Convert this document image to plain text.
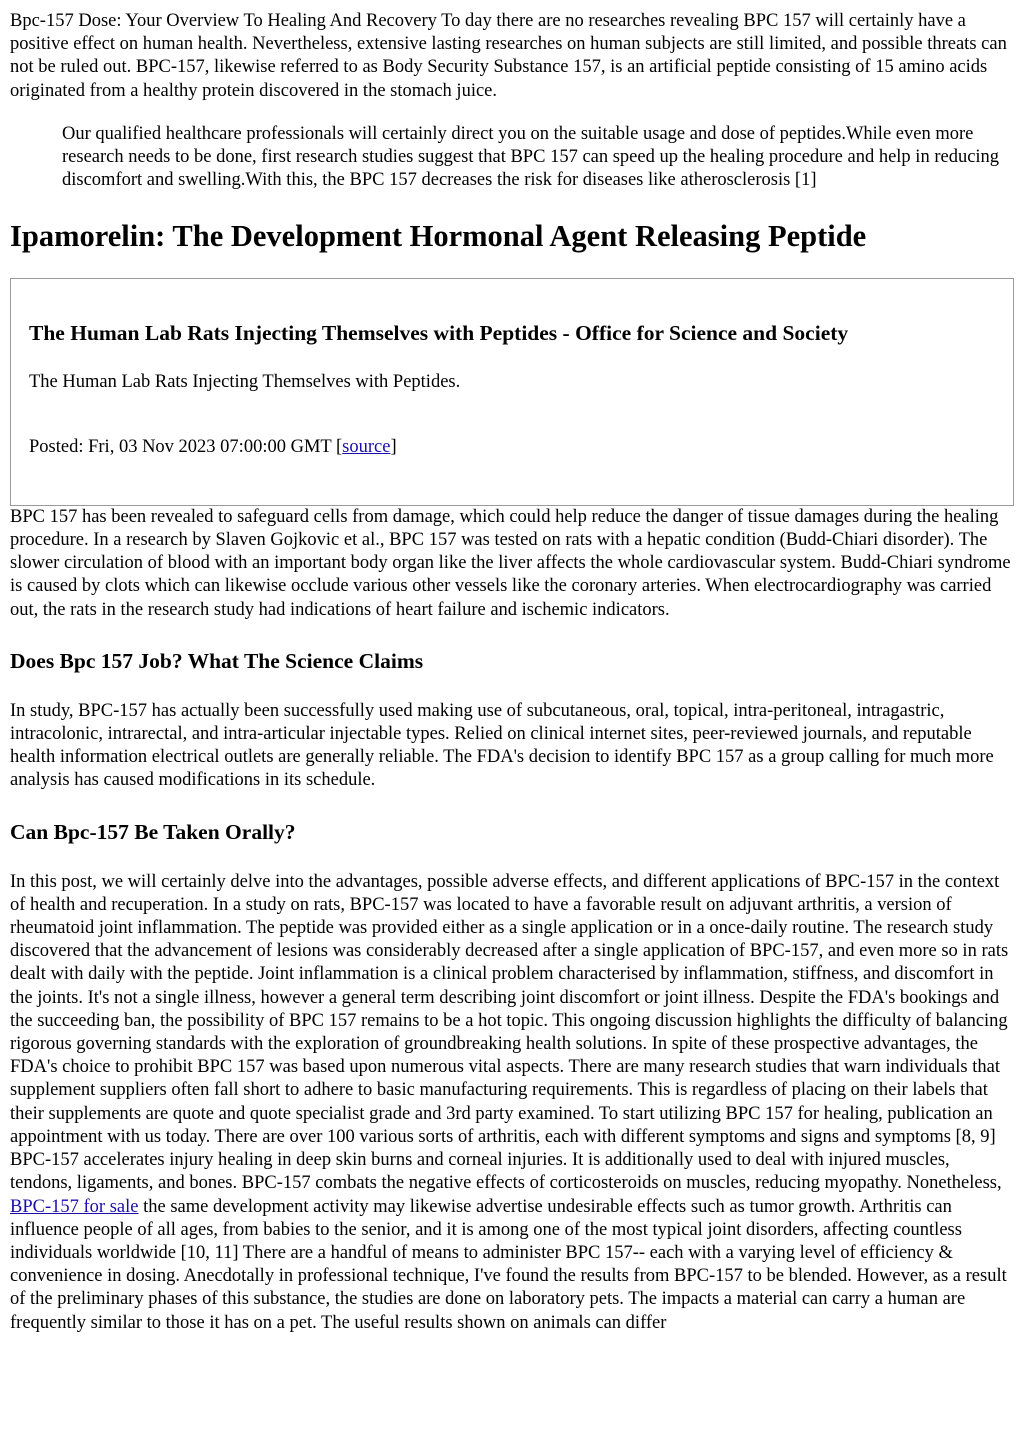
Bpc-157 Dose: Your Overview To Healing And Recovery To day there are no researches revealing BPC 157 will certainly have a positive effect on human health. Nevertheless, extensive lasting researches on human subjects are still limited, and possible threats can not be ruled out. BPC-157, likewise referred to as Body Security Substance 157, is an artificial peptide consisting of 15 amino acids originated from a healthy protein discovered in the stomach juice.

Our qualified healthcare professionals will certainly direct you on the suitable usage and dose of peptides.While even more research needs to be done, first research studies suggest that BPC 157 can speed up the healing procedure and help in reducing discomfort and swelling.With this, the BPC 157 decreases the risk for diseases like atherosclerosis [1]
Ipamorelin: The Development Hormonal Agent Releasing Peptide
The Human Lab Rats Injecting Themselves with Peptides - Office for Science and Society

The Human Lab Rats Injecting Themselves with Peptides.

Posted: Fri, 03 Nov 2023 07:00:00 GMT [source]

BPC 157 has been revealed to safeguard cells from damage, which could help reduce the danger of tissue damages during the healing procedure. In a research by Slaven Gojkovic et al., BPC 157 was tested on rats with a hepatic condition (Budd-Chiari disorder). The slower circulation of blood with an important body organ like the liver affects the whole cardiovascular system. Budd-Chiari syndrome is caused by clots which can likewise occlude various other vessels like the coronary arteries. When electrocardiography was carried out, the rats in the research study had indications of heart failure and ischemic indicators.

Does Bpc 157 Job? What The Science Claims

In study, BPC-157 has actually been successfully used making use of subcutaneous, oral, topical, intra-peritoneal, intragastric, intracolonic, intrarectal, and intra-articular injectable types. Relied on clinical internet sites, peer-reviewed journals, and reputable health information electrical outlets are generally reliable. The FDA's decision to identify BPC 157 as a group calling for much more analysis has caused modifications in its schedule.

Can Bpc-157 Be Taken Orally?

In this post, we will certainly delve into the advantages, possible adverse effects, and different applications of BPC-157 in the context of health and recuperation. In a study on rats, BPC-157 was located to have a favorable result on adjuvant arthritis, a version of rheumatoid joint inflammation. The peptide was provided either as a single application or in a once-daily routine. The research study discovered that the advancement of lesions was considerably decreased after a single application of BPC-157, and even more so in rats dealt with daily with the peptide. Joint inflammation is a clinical problem characterised by inflammation, stiffness, and discomfort in the joints. It's not a single illness, however a general term describing joint discomfort or joint illness. Despite the FDA's bookings and the succeeding ban, the possibility of BPC 157 remains to be a hot topic. This ongoing discussion highlights the difficulty of balancing rigorous governing standards with the exploration of groundbreaking health solutions. In spite of these prospective advantages, the FDA's choice to prohibit BPC 157 was based upon numerous vital aspects. There are many research studies that warn individuals that supplement suppliers often fall short to adhere to basic manufacturing requirements. This is regardless of placing on their labels that their supplements are quote and quote specialist grade and 3rd party examined. To start utilizing BPC 157 for healing, publication an appointment with us today. There are over 100 various sorts of arthritis, each with different symptoms and signs and symptoms [8, 9] BPC-157 accelerates injury healing in deep skin burns and corneal injuries. It is additionally used to deal with injured muscles, tendons, ligaments, and bones. BPC-157 combats the negative effects of corticosteroids on muscles, reducing myopathy. Nonetheless, BPC-157 for sale the same development activity may likewise advertise undesirable effects such as tumor growth. Arthritis can influence people of all ages, from babies to the senior, and it is among one of the most typical joint disorders, affecting countless individuals worldwide [10, 11] There are a handful of means to administer BPC 157-- each with a varying level of efficiency & convenience in dosing. Anecdotally in professional technique, I've found the results from BPC-157 to be blended. However, as a result of the preliminary phases of this substance, the studies are done on laboratory pets. The impacts a material can carry a human are frequently similar to those it has on a pet. The useful results shown on animals can differ
